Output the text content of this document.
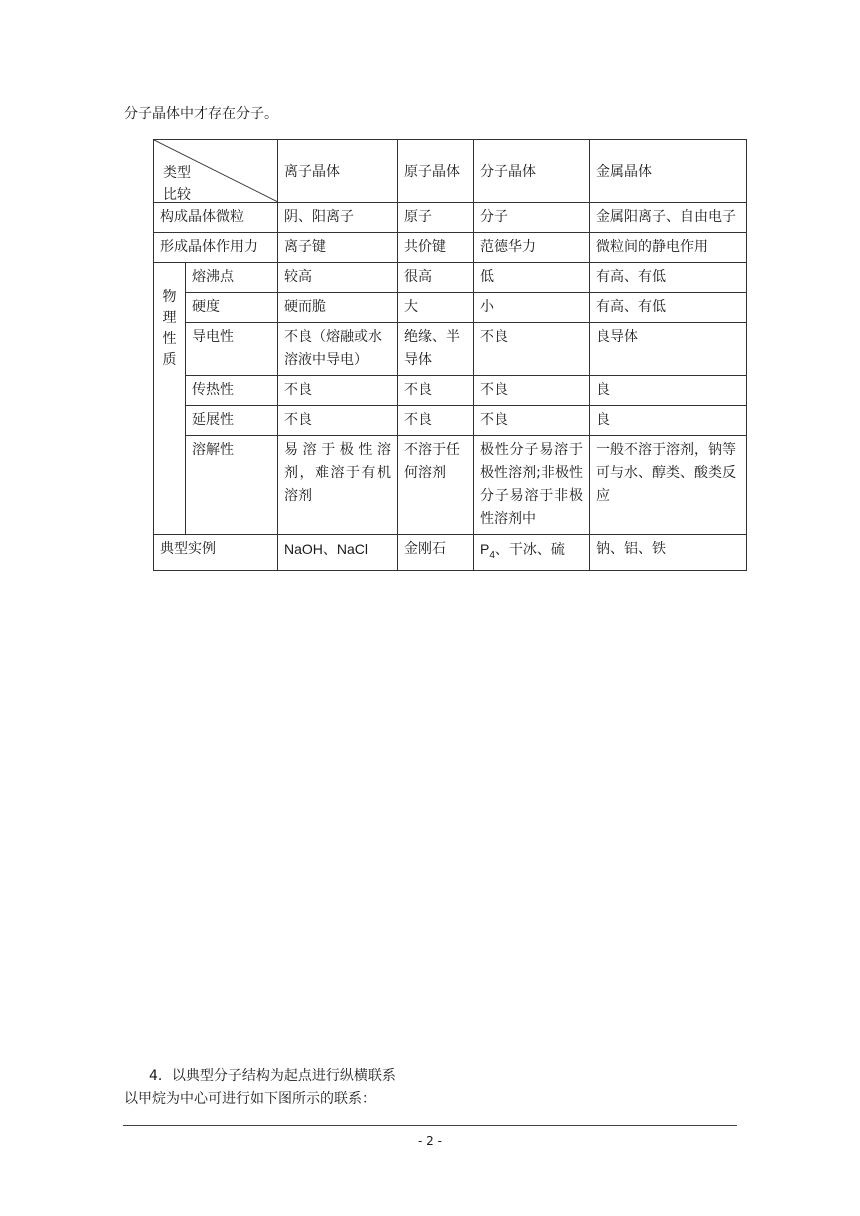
分子晶体中才存在分子。
类型
比较		离子晶体	原子晶体	分子晶体	金属晶体
构成晶体微粒		阴、阳离子	原子	分子	金属阳离子、自由电子
形成晶体作用力		离子键	共价键	范德华力	微粒间的静电作用

物
理
性
质	熔沸点	较高	很高	低	有高、有低
	硬度	硬而脆	大	小	有高、有低
	导电性	不良（熔融或水溶液中导电）	绝缘、半导体	不良	良导体
	传热性	不良	不良	不良	良
	延展性	不良	不良	不良	良
	溶解性	易溶于极性溶剂，难溶于有机溶剂	不溶于任何溶剂	极性分子易溶于极性溶剂;非极性分子易溶于非极性溶剂中	一般不溶于溶剂，钠等可与水、醇类、酸类反应
典型实例		NaOH、NaCl	金刚石	$P_4$、干冰、硫	钠、铝、铁
4．以典型分子结构为起点进行纵横联系
以甲烷为中心可进行如下图所示的联系：
- 2 -
